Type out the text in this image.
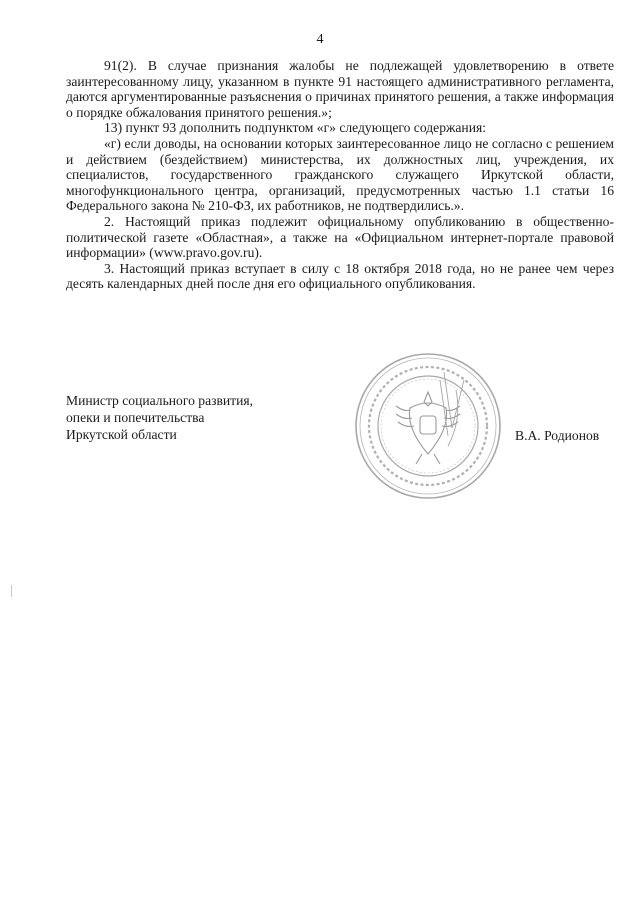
4

91(2). В случае признания жалобы не подлежащей удовлетворению в ответе заинтересованному лицу, указанном в пункте 91 настоящего административного регламента, даются аргументированные разъяснения о причинах принятого решения, а также информация о порядке обжалования принятого решения.»;

13) пункт 93 дополнить подпунктом «г» следующего содержания:

«г) если доводы, на основании которых заинтересованное лицо не согласно с решением и действием (бездействием) министерства, их должностных лиц, учреждения, их специалистов, государственного гражданского служащего Иркутской области, многофункционального центра, организаций, предусмотренных частью 1.1 статьи 16 Федерального закона № 210-ФЗ, их работников, не подтвердились.».

2. Настоящий приказ подлежит официальному опубликованию в общественно-политической газете «Областная», а также на «Официальном интернет-портале правовой информации» (www.pravo.gov.ru).

3. Настоящий приказ вступает в силу с 18 октября 2018 года, но не ранее чем через десять календарных дней после дня его официального опубликования.

Министр социального развития,
опеки и попечительства
Иркутской области	В.А. Родионов
